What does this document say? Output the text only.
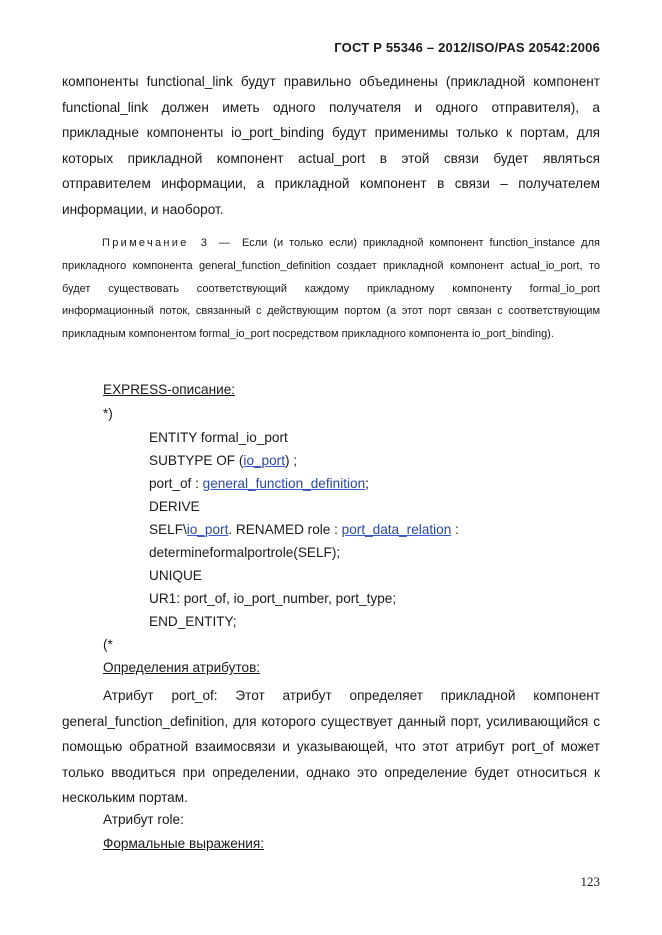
ГОСТ Р 55346 – 2012/ISO/PAS 20542:2006
компоненты functional_link будут правильно объединены (прикладной компонент functional_link должен иметь одного получателя и одного отправителя), а прикладные компоненты io_port_binding будут применимы только к портам, для которых прикладной компонент actual_port в этой связи будет являться отправителем информации, а прикладной компонент в связи – получателем информации, и наоборот.
Примечание 3 — Если (и только если) прикладной компонент function_instance для прикладного компонента general_function_definition создает прикладной компонент actual_io_port, то будет существовать соответствующий каждому прикладному компоненту formal_io_port информационный поток, связанный с действующим портом (а этот порт связан с соответствующим прикладным компонентом formal_io_port посредством прикладного компонента io_port_binding).
EXPRESS-описание:
*)
ENTITY formal_io_port
SUBTYPE OF (io_port) ;
port_of : general_function_definition;
DERIVE
SELF\io_port. RENAMED role : port_data_relation :
determineformalportrole(SELF);
UNIQUE
UR1: port_of, io_port_number, port_type;
END_ENTITY;
(*
Определения атрибутов:
Атрибут port_of: Этот атрибут определяет прикладной компонент general_function_definition, для которого существует данный порт, усиливающийся с помощью обратной взаимосвязи и указывающей, что этот атрибут port_of может только вводиться при определении, однако это определение будет относиться к нескольким портам.
Атрибут role:
Формальные выражения:
123
